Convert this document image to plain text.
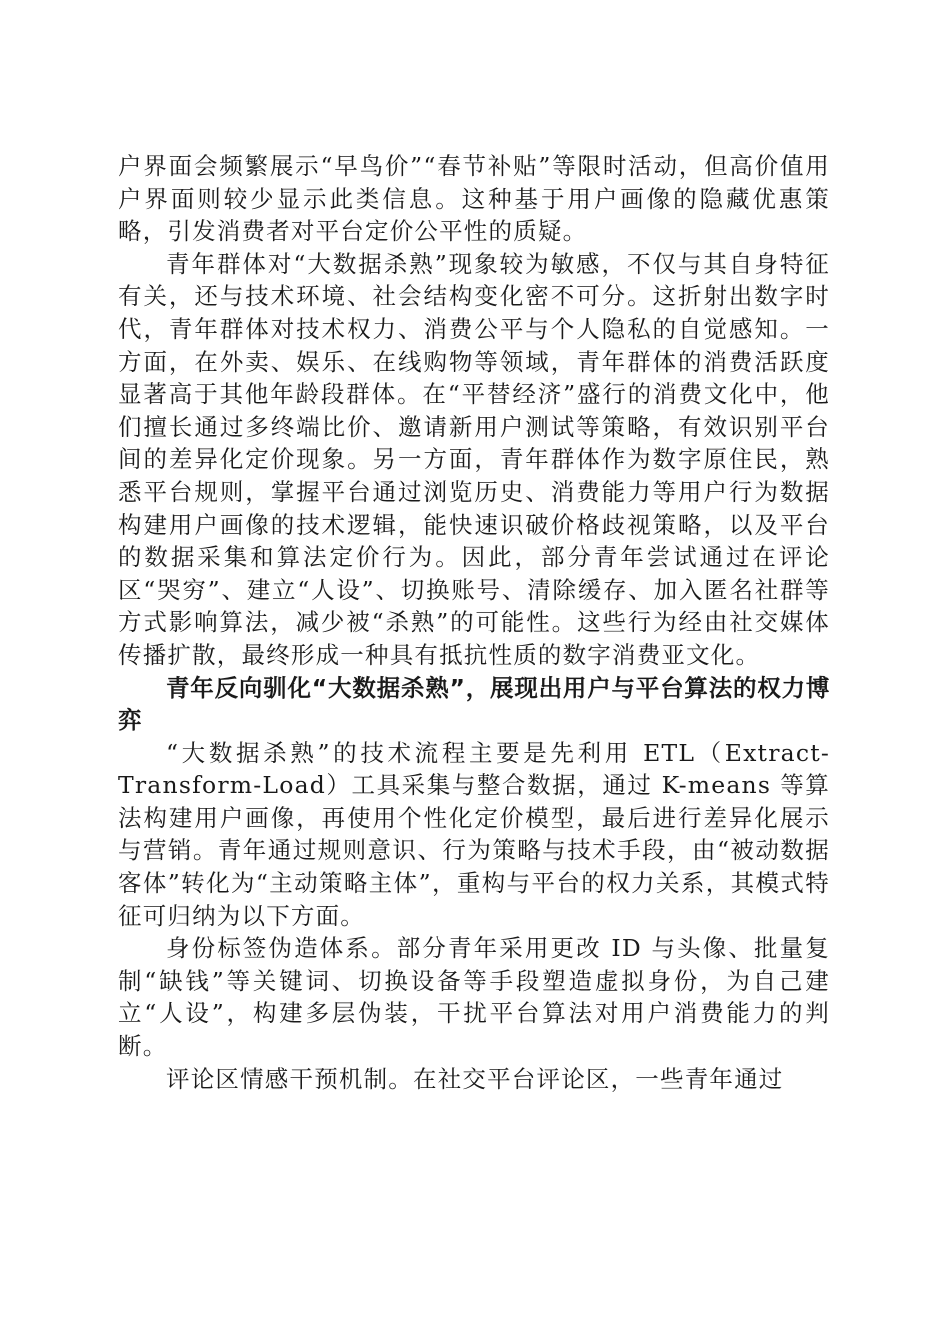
户界面会频繁展示“早鸟价”“春节补贴”等限时活动，但高价值用户界面则较少显示此类信息。这种基于用户画像的隐藏优惠策略，引发消费者对平台定价公平性的质疑。

青年群体对“大数据杀熟”现象较为敏感，不仅与其自身特征有关，还与技术环境、社会结构变化密不可分。这折射出数字时代，青年群体对技术权力、消费公平与个人隐私的自觉感知。一方面，在外卖、娱乐、在线购物等领域，青年群体的消费活跃度显著高于其他年龄段群体。在“平替经济”盛行的消费文化中，他们擅长通过多终端比价、邀请新用户测试等策略，有效识别平台间的差异化定价现象。另一方面，青年群体作为数字原住民，熟悉平台规则，掌握平台通过浏览历史、消费能力等用户行为数据构建用户画像的技术逻辑，能快速识破价格歧视策略，以及平台的数据采集和算法定价行为。因此，部分青年尝试通过在评论区“哭穷”、建立“人设”、切换账号、清除缓存、加入匿名社群等方式影响算法，减少被“杀熟”的可能性。这些行为经由社交媒体传播扩散，最终形成一种具有抵抗性质的数字消费亚文化。

青年反向驯化“大数据杀熟”，展现出用户与平台算法的权力博弈

“大数据杀熟”的技术流程主要是先利用 ETL（Extract-Transform-Load）工具采集与整合数据，通过 K-means 等算法构建用户画像，再使用个性化定价模型，最后进行差异化展示与营销。青年通过规则意识、行为策略与技术手段，由“被动数据客体”转化为“主动策略主体”，重构与平台的权力关系，其模式特征可归纳为以下方面。

身份标签伪造体系。部分青年采用更改 ID 与头像、批量复制“缺钱”等关键词、切换设备等手段塑造虚拟身份，为自己建立“人设”，构建多层伪装，干扰平台算法对用户消费能力的判断。

评论区情感干预机制。在社交平台评论区，一些青年通过
